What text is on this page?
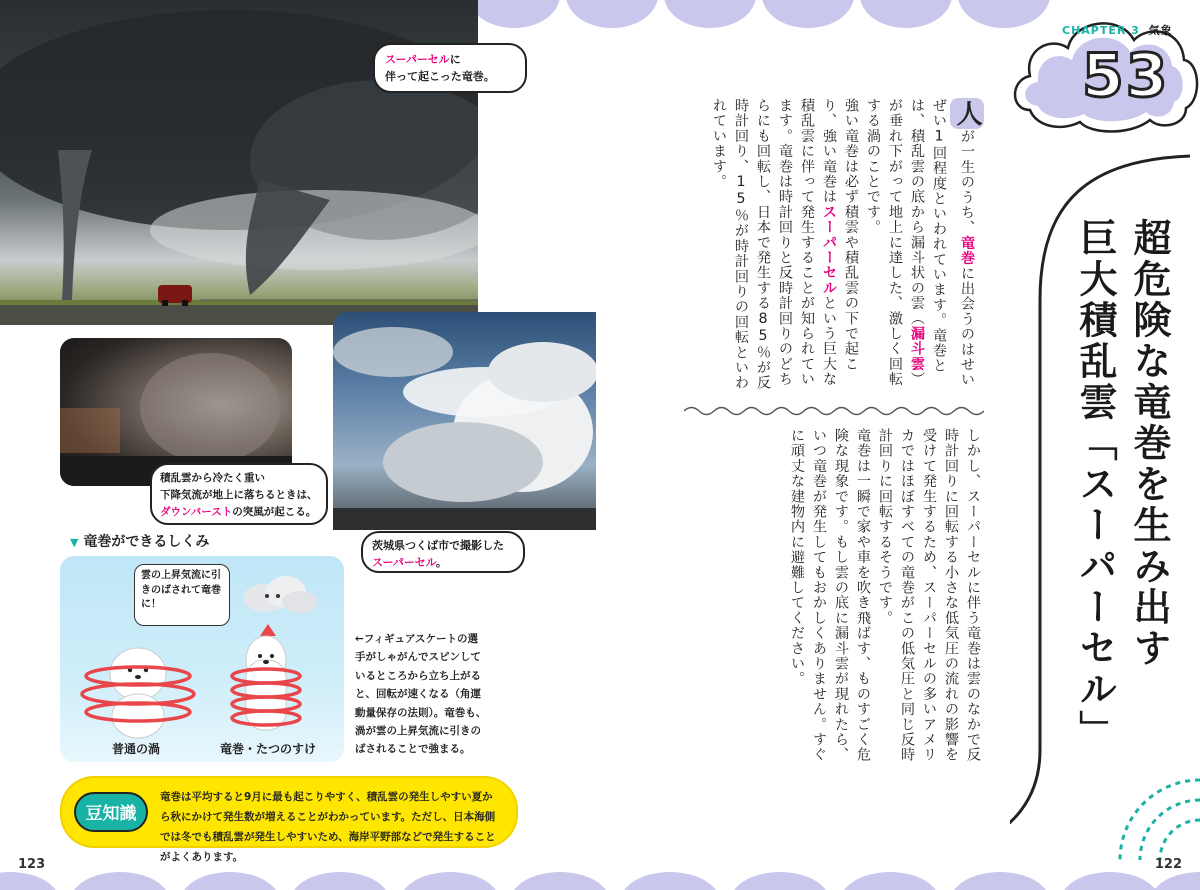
スーパーセルに
伴って起こった竜巻。
積乱雲から冷たく重い
下降気流が地上に落ちるときは、
ダウンバーストの突風が起こる。
茨城県つくば市で撮影した
スーパーセル。
▼ 竜巻ができるしくみ
雲の上昇気流に引きのばされて竜巻に！
普通の渦	竜巻・たつのすけ
←フィギュアスケートの選手がしゃがんでスピンしているところから立ち上がると、回転が速くなる（角運動量保存の法則）。竜巻も、渦が雲の上昇気流に引きのばされることで強まる。
豆知識
竜巻は平均すると9月に最も起こりやすく、積乱雲の発生しやすい夏から秋にかけて発生数が増えることがわかっています。ただし、日本海側では冬でも積乱雲が発生しやすいため、海岸平野部などで発生することがよくあります。
123
人が一生のうち、竜巻に出会うのはせいぜい1回程度といわれています。竜巻とは、積乱雲の底から漏斗状の雲（漏斗雲）が垂れ下がって地上に達した、激しく回転する渦のことです。
強い竜巻は必ず積雲や積乱雲の下で起こり、強い竜巻はスーパーセルという巨大な積乱雲に伴って発生することが知られています。竜巻は時計回りと反時計回りのどちらにも回転し、日本で発生する85％が反時計回り、15％が時計回りの回転といわれています。
しかし、スーパーセルに伴う竜巻は雲のなかで反時計回りに回転する小さな低気圧の流れの影響を受けて発生するため、スーパーセルの多いアメリカではほぼすべての竜巻がこの低気圧と同じ反時計回りに回転するそうです。
竜巻は一瞬で家や車を吹き飛ばす、ものすごく危険な現象です。もし雲の底に漏斗雲が現れたら、いつ竜巻が発生してもおかしくありません。すぐに頑丈な建物内に避難してください。
CHAPTER 3 気象
53
超危険な竜巻を生み出す
巨大積乱雲「スーパーセル」
122
